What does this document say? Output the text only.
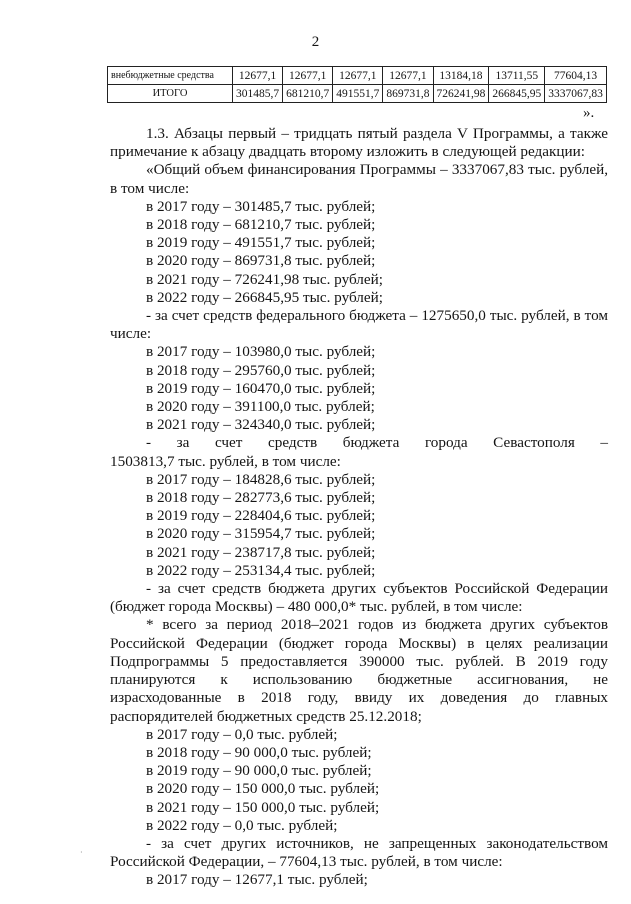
2
внебюджетные средства	12677,1	12677,1	12677,1	12677,1	13184,18	13711,55	77604,13
ИТОГО	301485,7	681210,7	491551,7	869731,8	726241,98	266845,95	3337067,83
».

1.3. Абзацы первый – тридцать пятый раздела V Программы, а также примечание к абзацу двадцать второму изложить в следующей редакции:

«Общий объем финансирования Программы – 3337067,83 тыс. рублей, в том числе:

в 2017 году – 301485,7 тыс. рублей;

в 2018 году – 681210,7 тыс. рублей;

в 2019 году – 491551,7 тыс. рублей;

в 2020 году – 869731,8 тыс. рублей;

в 2021 году – 726241,98 тыс. рублей;

в 2022 году – 266845,95 тыс. рублей;

- за счет средств федерального бюджета – 1275650,0 тыс. рублей, в том числе:

в 2017 году – 103980,0 тыс. рублей;

в 2018 году – 295760,0 тыс. рублей;

в 2019 году – 160470,0 тыс. рублей;

в 2020 году – 391100,0 тыс. рублей;

в 2021 году – 324340,0 тыс. рублей;

- за счет средств бюджета города Севастополя –

1503813,7 тыс. рублей, в том числе:

в 2017 году – 184828,6 тыс. рублей;

в 2018 году – 282773,6 тыс. рублей;

в 2019 году – 228404,6 тыс. рублей;

в 2020 году – 315954,7 тыс. рублей;

в 2021 году – 238717,8 тыс. рублей;

в 2022 году – 253134,4 тыс. рублей;

- за счет средств бюджета других субъектов Российской Федерации (бюджет города Москвы) – 480 000,0* тыс. рублей, в том числе:

* всего за период 2018–2021 годов из бюджета других субъектов Российской Федерации (бюджет города Москвы) в целях реализации Подпрограммы 5 предоставляется 390000 тыс. рублей. В 2019 году планируются к использованию бюджетные ассигнования, не израсходованные в 2018 году, ввиду их доведения до главных распорядителей бюджетных средств 25.12.2018;

в 2017 году – 0,0 тыс. рублей;

в 2018 году – 90 000,0 тыс. рублей;

в 2019 году – 90 000,0 тыс. рублей;

в 2020 году – 150 000,0 тыс. рублей;

в 2021 году – 150 000,0 тыс. рублей;

в 2022 году – 0,0 тыс. рублей;

- за счет других источников, не запрещенных законодательством Российской Федерации, – 77604,13 тыс. рублей, в том числе:

в 2017 году – 12677,1 тыс. рублей;

·
